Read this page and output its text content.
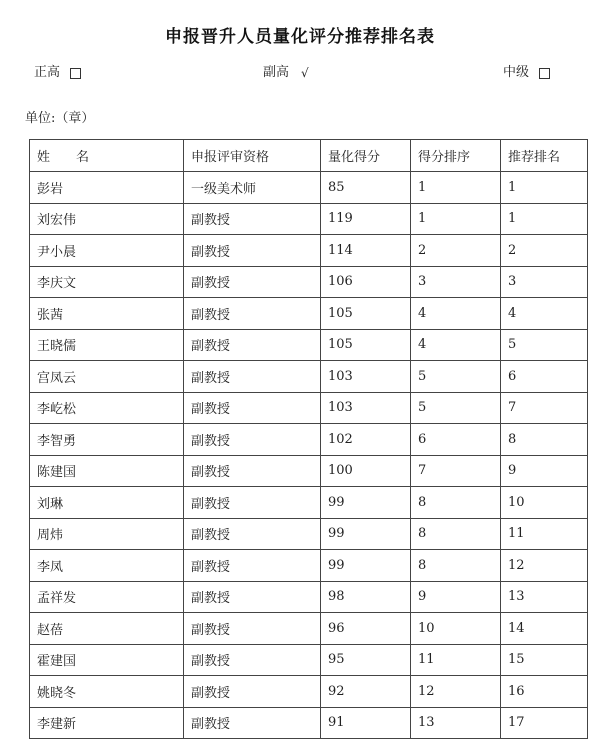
申报晋升人员量化评分推荐排名表
正高	副高 √	中级
单位:（章）
姓　　名	申报评审资格	量化得分	得分排序	推荐排名
彭岩	一级美术师	85	1	1
刘宏伟	副教授	119	1	1
尹小晨	副教授	114	2	2
李庆文	副教授	106	3	3
张茜	副教授	105	4	4
王晓儒	副教授	105	4	5
宫凤云	副教授	103	5	6
李屹松	副教授	103	5	7
李智勇	副教授	102	6	8
陈建国	副教授	100	7	9
刘琳	副教授	99	8	10
周炜	副教授	99	8	11
李凤	副教授	99	8	12
孟祥发	副教授	98	9	13
赵蓓	副教授	96	10	14
霍建国	副教授	95	11	15
姚晓冬	副教授	92	12	16
李建新	副教授	91	13	17
